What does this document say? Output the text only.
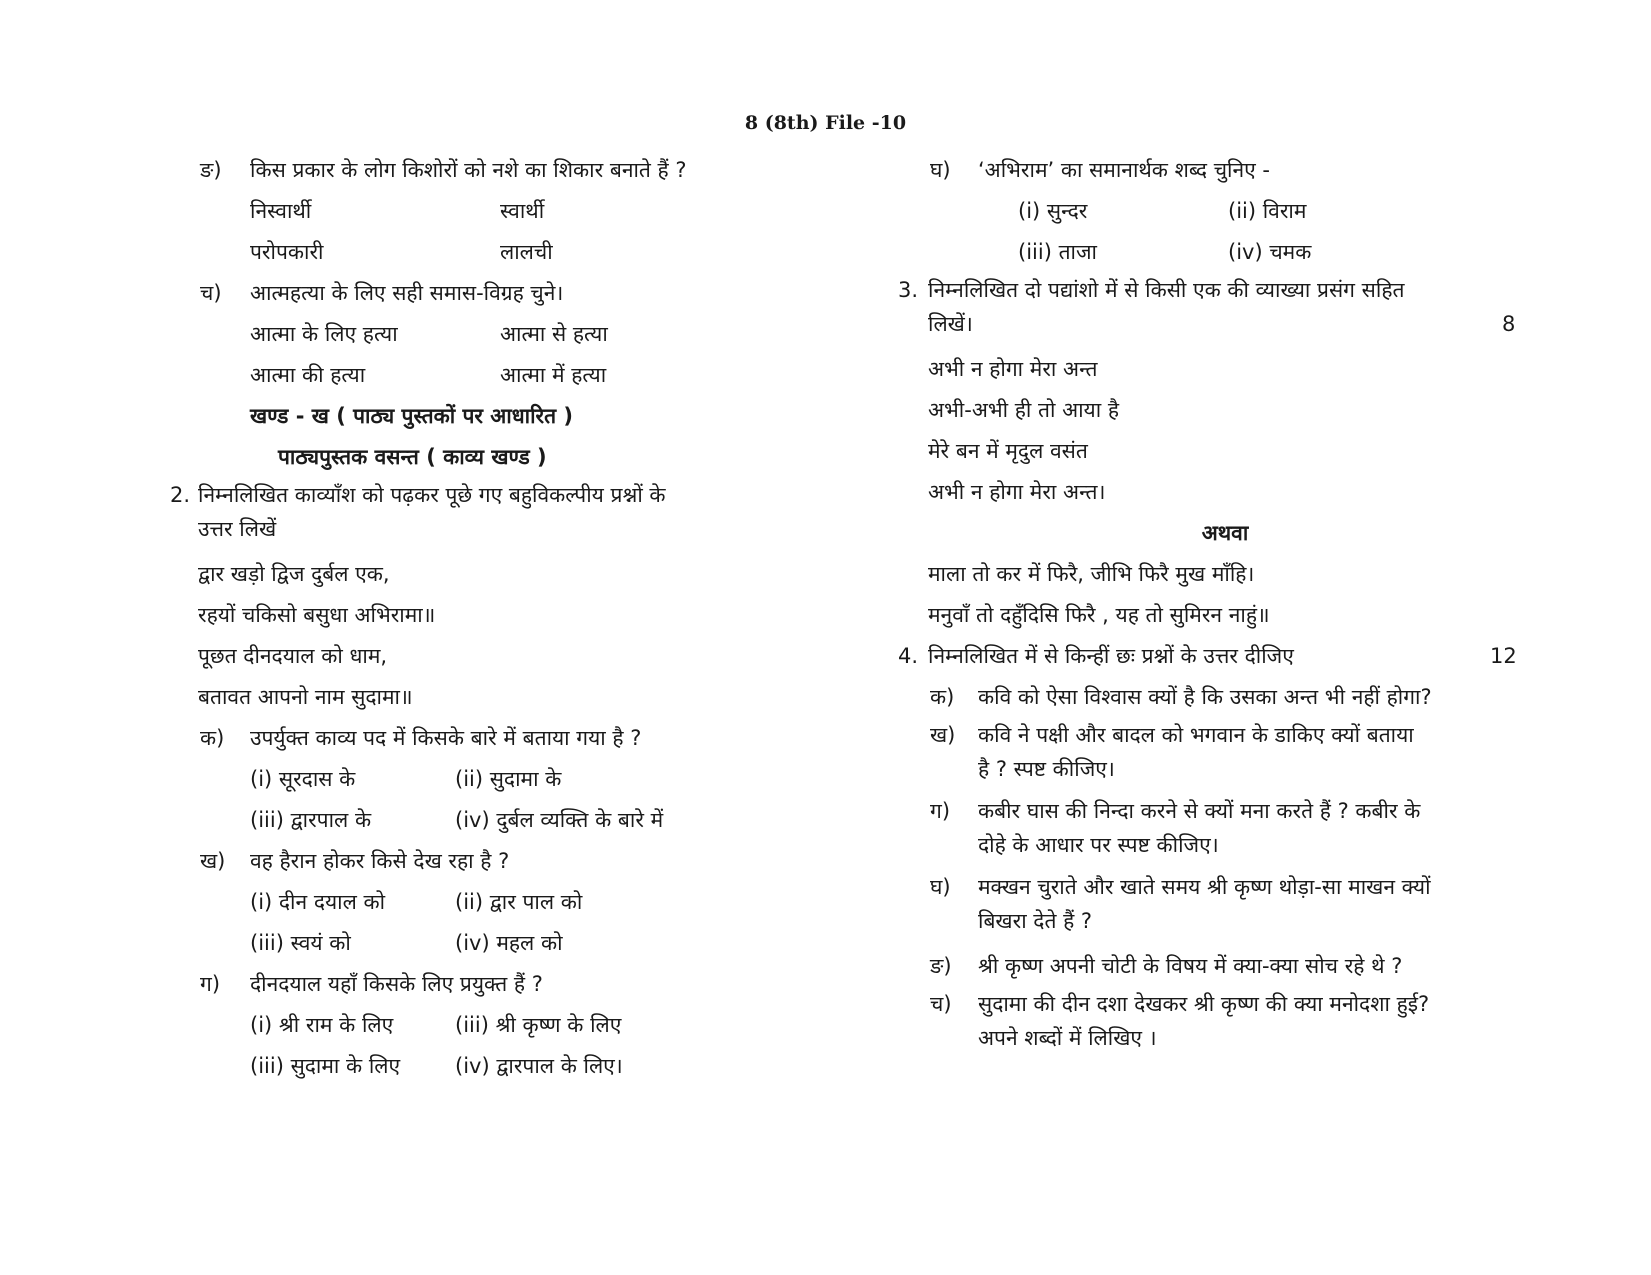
8 (8th) File -10
ङ) किस प्रकार के लोग किशोरों को नशे का शिकार बनाते हैं ?
निस्वार्थी	स्वार्थी
परोपकारी	लालची
च) आत्महत्या के लिए सही समास-विग्रह चुने।
आत्मा के लिए हत्या	आत्मा से हत्या
आत्मा की हत्या	आत्मा में हत्या
खण्ड - ख ( पाठ्य पुस्तकों पर आधारित )
पाठ्यपुस्तक वसन्त ( काव्य खण्ड )
2. निम्नलिखित काव्याँश को पढ़कर पूछे गए बहुविकल्पीय प्रश्नों के
उत्तर लिखें
द्वार खड़ो द्विज दुर्बल एक,
रहयों चकिसो बसुधा अभिरामा॥
पूछत दीनदयाल को धाम,
बतावत आपनो नाम सुदामा॥
क) उपर्युक्त काव्य पद में किसके बारे में बताया गया है ?
(i) सूरदास के	(ii) सुदामा के
(iii) द्वारपाल के	(iv) दुर्बल व्यक्ति के बारे में
ख) वह हैरान होकर किसे देख रहा है ?
(i) दीन दयाल को	(ii) द्वार पाल को
(iii) स्वयं को	(iv) महल को
ग) दीनदयाल यहाँ किसके लिए प्रयुक्त हैं ?
(i) श्री राम के लिए	(iii) श्री कृष्ण के लिए
(iii) सुदामा के लिए	(iv) द्वारपाल के लिए।
घ) ‘अभिराम’ का समानार्थक शब्द चुनिए -
(i) सुन्दर	(ii) विराम
(iii) ताजा	(iv) चमक
3. निम्नलिखित दो पद्यांशो में से किसी एक की व्याख्या प्रसंग सहित
लिखें।	8
अभी न होगा मेरा अन्त
अभी-अभी ही तो आया है
मेरे बन में मृदुल वसंत
अभी न होगा मेरा अन्त।
अथवा
माला तो कर में फिरै, जीभि फिरै मुख माँहि।
मनुवाँ तो दहुँदिसि फिरै , यह तो सुमिरन नाहुं॥
4. निम्नलिखित में से किन्हीं छः प्रश्नों के उत्तर दीजिए	12
क) कवि को ऐसा विश्वास क्यों है कि उसका अन्त भी नहीं होगा?
ख) कवि ने पक्षी और बादल को भगवान के डाकिए क्यों बताया
है ? स्पष्ट कीजिए।
ग) कबीर घास की निन्दा करने से क्यों मना करते हैं ? कबीर के
दोहे के आधार पर स्पष्ट कीजिए।
घ) मक्खन चुराते और खाते समय श्री कृष्ण थोड़ा-सा माखन क्यों
बिखरा देते हैं ?
ङ) श्री कृष्ण अपनी चोटी के विषय में क्या-क्या सोच रहे थे ?
च) सुदामा की दीन दशा देखकर श्री कृष्ण की क्या मनोदशा हुई?
अपने शब्दों में लिखिए ।
